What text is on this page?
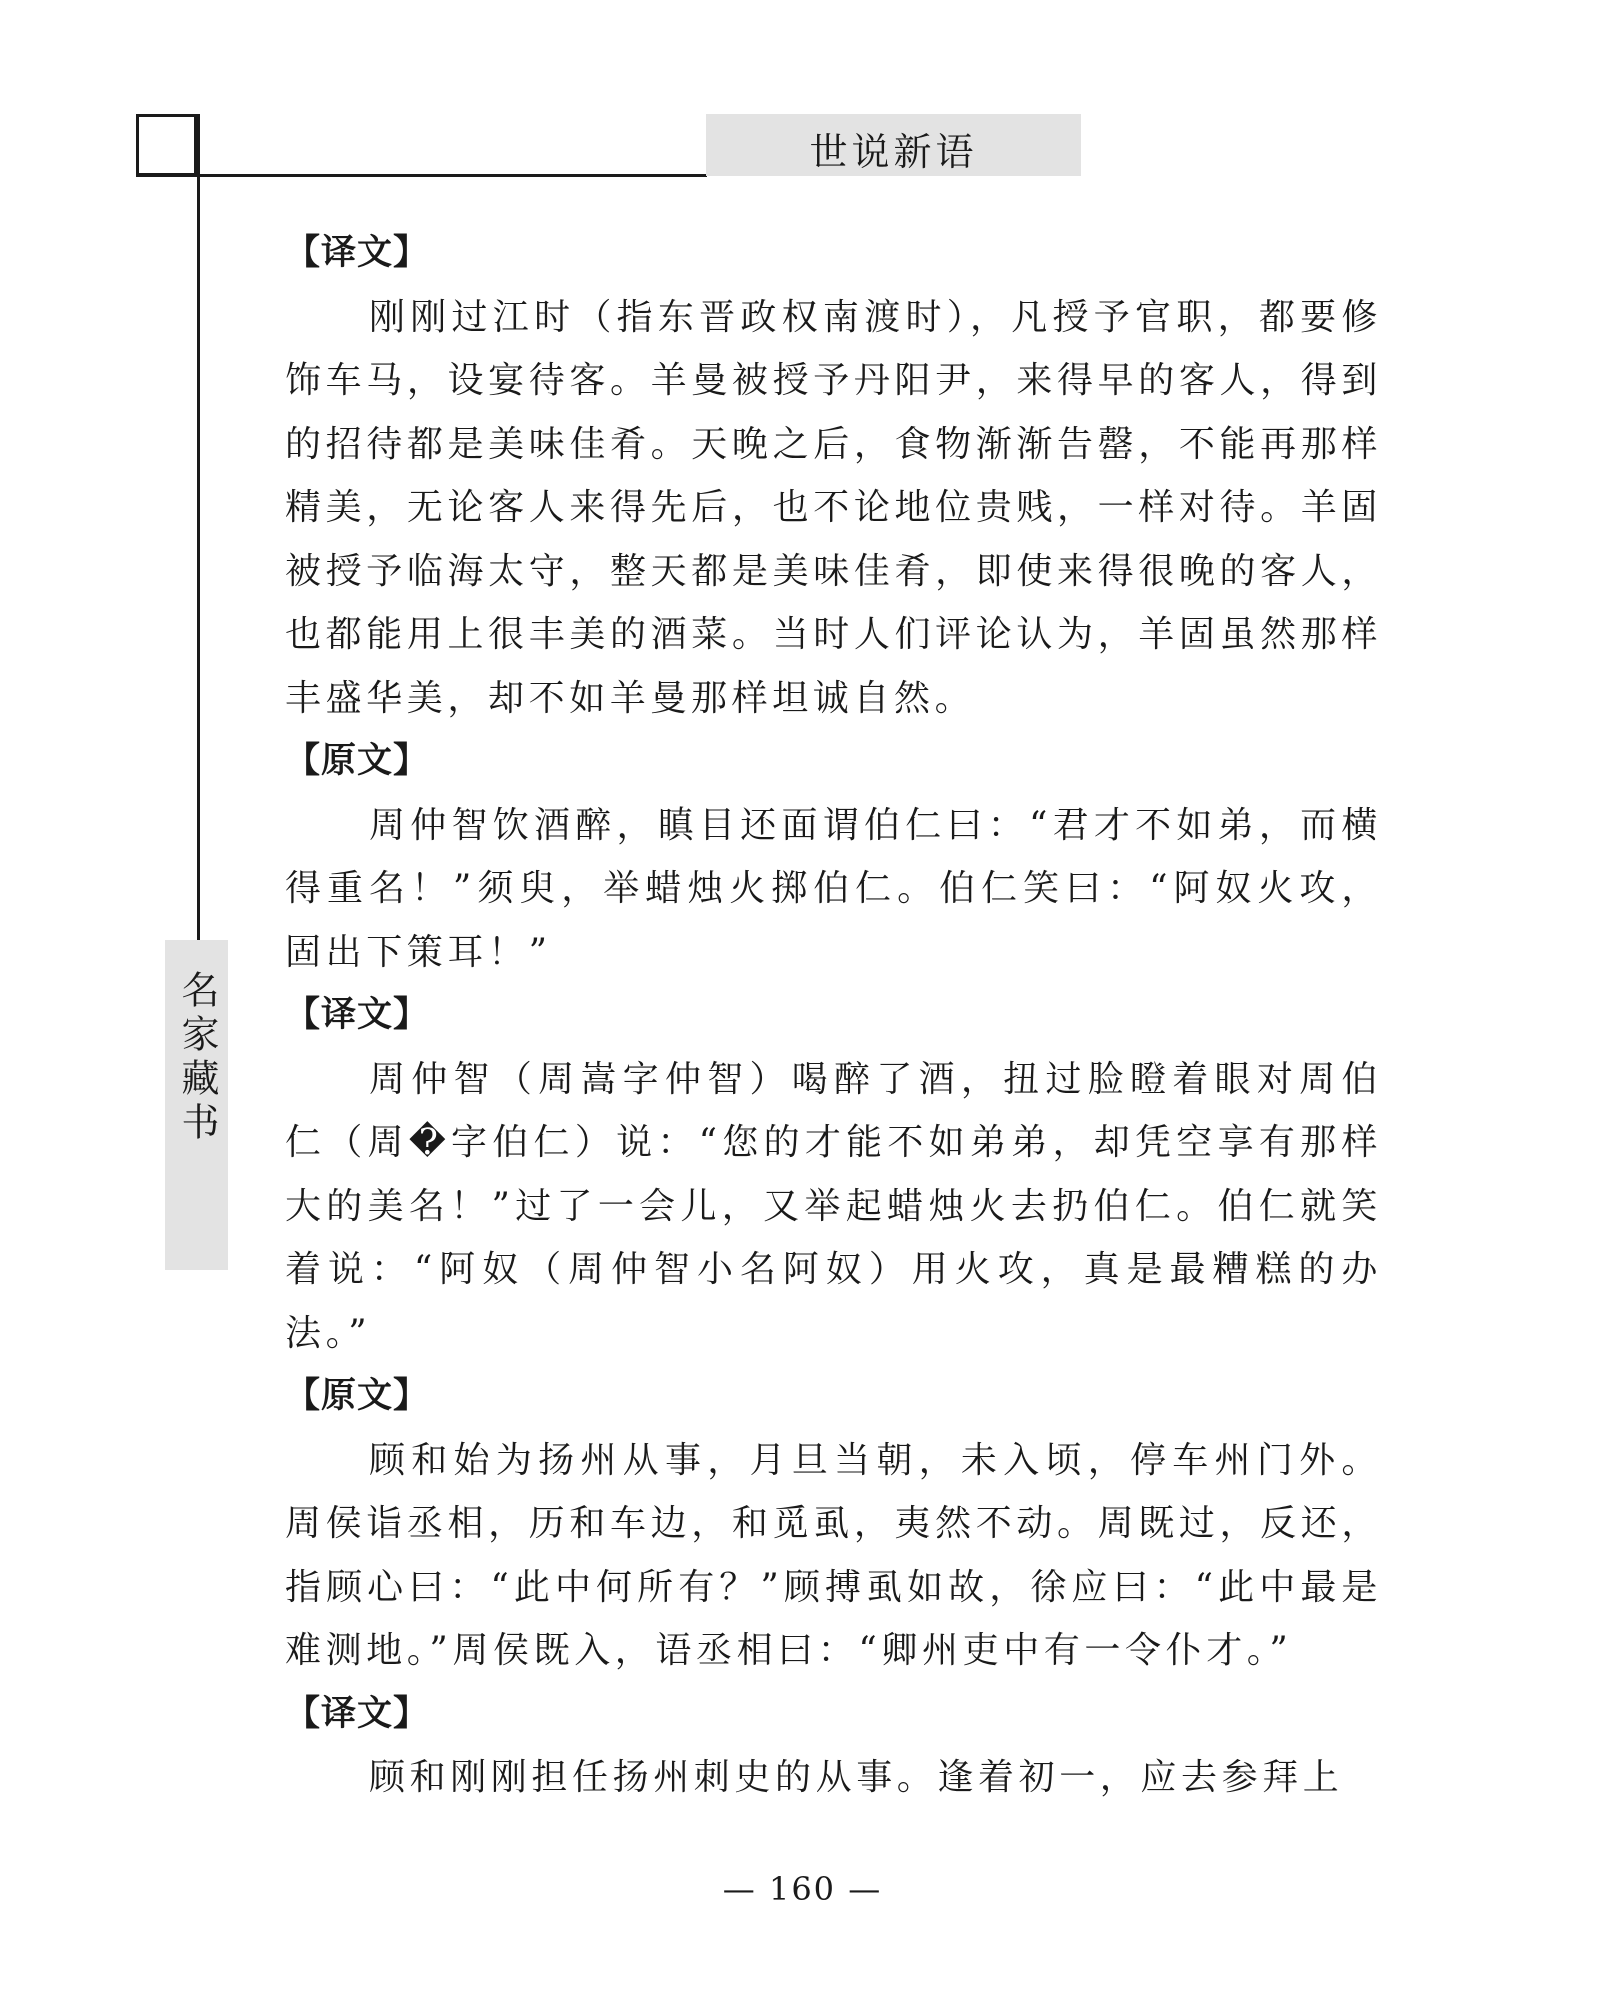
世说新语
名家藏书

【译文】

刚刚过江时（指东晋政权南渡时），凡授予官职，都要修饰车马，设宴待客。羊曼被授予丹阳尹，来得早的客人，得到的招待都是美味佳肴。天晚之后，食物渐渐告罄，不能再那样精美，无论客人来得先后，也不论地位贵贱，一样对待。羊固被授予临海太守，整天都是美味佳肴，即使来得很晚的客人，也都能用上很丰美的酒菜。当时人们评论认为，羊固虽然那样丰盛华美，却不如羊曼那样坦诚自然。

【原文】

周仲智饮酒醉，瞋目还面谓伯仁曰：“君才不如弟，而横得重名！”须臾，举蜡烛火掷伯仁。伯仁笑曰：“阿奴火攻，固出下策耳！”

【译文】

周仲智（周嵩字仲智）喝醉了酒，扭过脸瞪着眼对周伯仁（周�字伯仁）说：“您的才能不如弟弟，却凭空享有那样大的美名！”过了一会儿，又举起蜡烛火去扔伯仁。伯仁就笑着说：“阿奴（周仲智小名阿奴）用火攻，真是最糟糕的办法。”

【原文】

顾和始为扬州从事，月旦当朝，未入顷，停车州门外。周侯诣丞相，历和车边，和觅虱，夷然不动。周既过，反还，指顾心曰：“此中何所有？”顾搏虱如故，徐应曰：“此中最是难测地。”周侯既入，语丞相曰：“卿州吏中有一令仆才。”

【译文】

顾和刚刚担任扬州刺史的从事。逢着初一，应去参拜上

— 160 —
